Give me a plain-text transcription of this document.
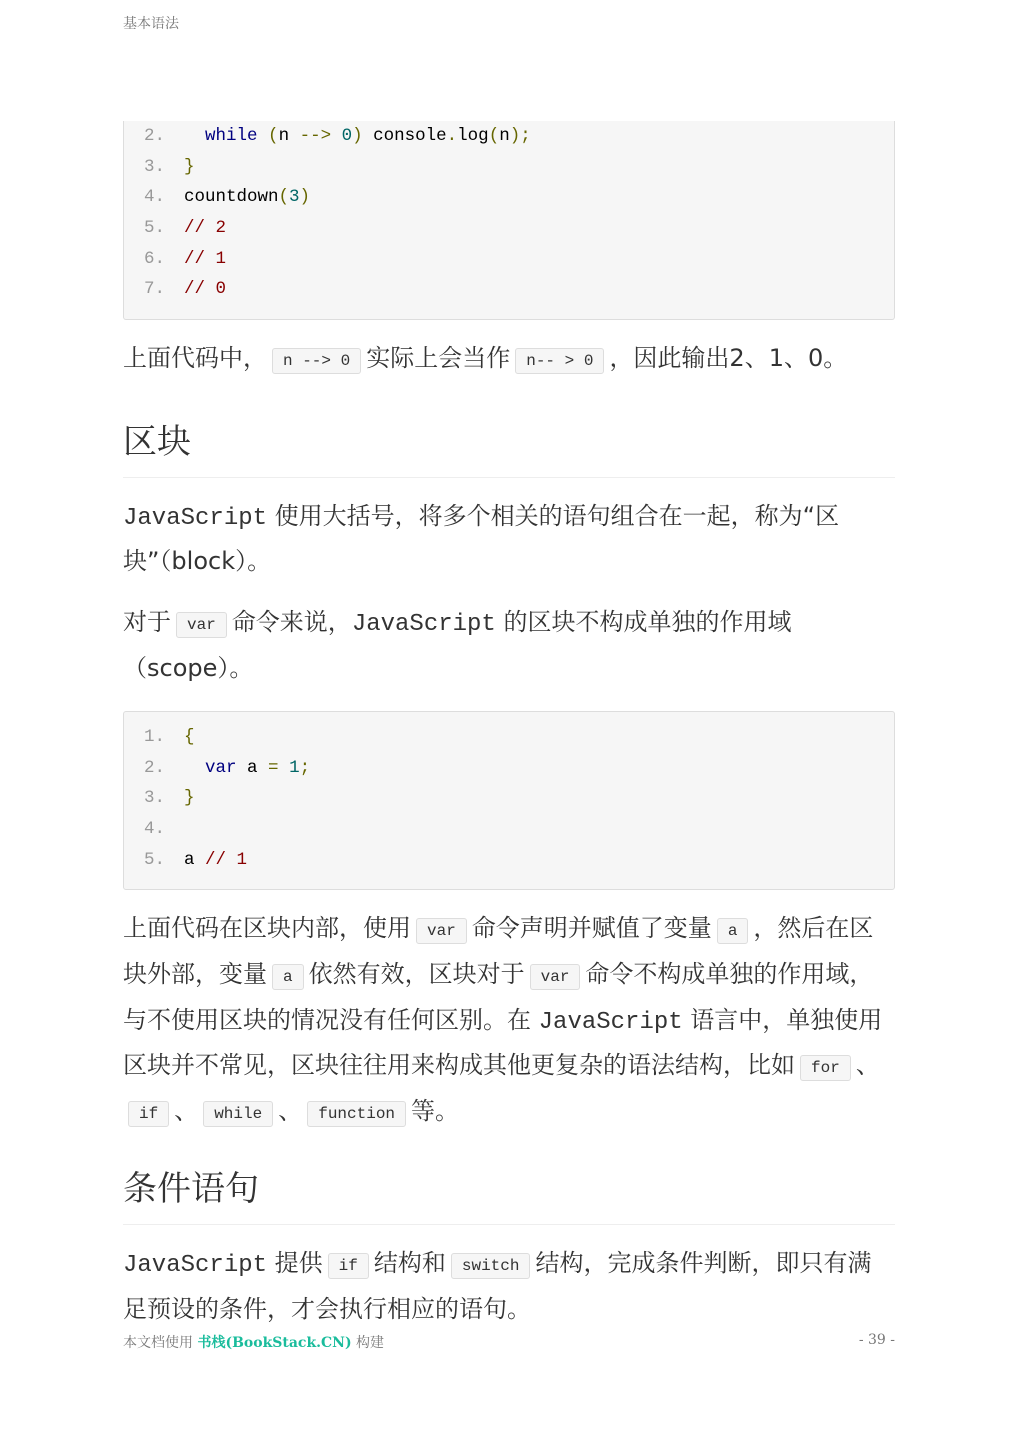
基本语法
2. while (n --> 0) console.log(n);
3. }
4. countdown(3)
5. // 2
6. // 1
7. // 0

上面代码中， n --> 0 实际上会当作 n-- > 0 ，因此输出2、1、0。

区块

JavaScript 使用大括号，将多个相关的语句组合在一起，称为“区块”（block）。

对于 var 命令来说，JavaScript 的区块不构成单独的作用域（scope）。

1. {
2. var a = 1;
3. }
4.
5. a // 1

上面代码在区块内部，使用 var 命令声明并赋值了变量 a ，然后在区块外部，变量 a 依然有效，区块对于 var 命令不构成单独的作用域，与不使用区块的情况没有任何区别。在 JavaScript 语言中，单独使用区块并不常见，区块往往用来构成其他更复杂的语法结构，比如 for 、if 、 while 、 function 等。

条件语句

JavaScript 提供 if 结构和 switch 结构，完成条件判断，即只有满足预设的条件，才会执行相应的语句。

本文档使用 书栈(BookStack.CN) 构建	- 39 -
